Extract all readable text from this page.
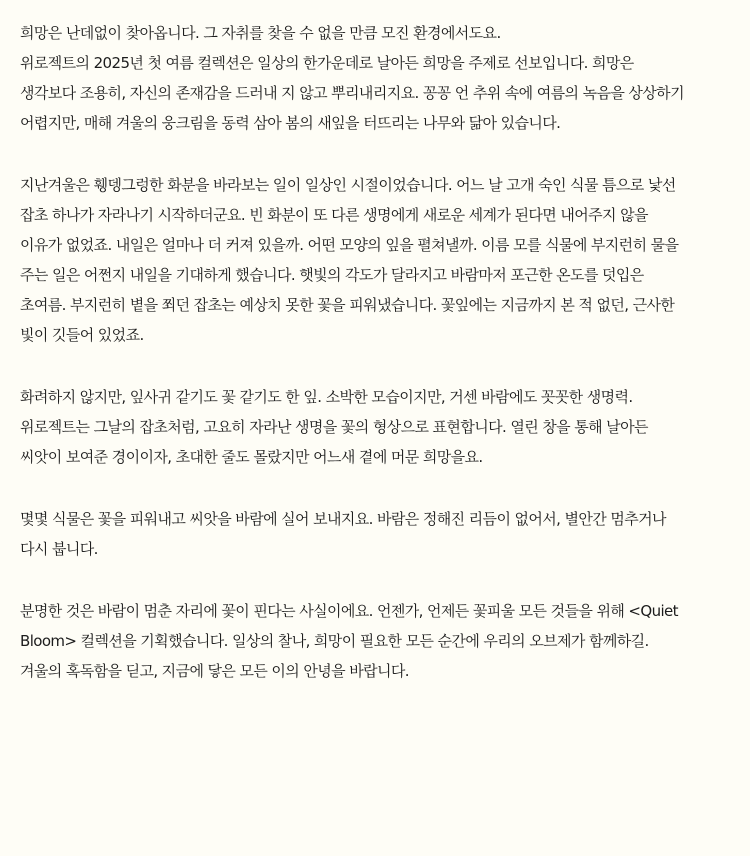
희망은 난데없이 찾아옵니다. 그 자취를 찾을 수 없을 만큼 모진 환경에서도요.
위로젝트의 2025년 첫 여름 컬렉션은 일상의 한가운데로 날아든 희망을 주제로 선보입니다. 희망은
생각보다 조용히, 자신의 존재감을 드러내 지 않고 뿌리내리지요. 꽁꽁 언 추위 속에 여름의 녹음을 상상하기
어렵지만, 매해 겨울의 웅크림을 동력 삼아 봄의 새잎을 터뜨리는 나무와 닮아 있습니다.
지난겨울은 휑뎅그렁한 화분을 바라보는 일이 일상인 시절이었습니다. 어느 날 고개 숙인 식물 틈으로 낯선
잡초 하나가 자라나기 시작하더군요. 빈 화분이 또 다른 생명에게 새로운 세계가 된다면 내어주지 않을
이유가 없었죠. 내일은 얼마나 더 커져 있을까. 어떤 모양의 잎을 펼쳐낼까. 이름 모를 식물에 부지런히 물을
주는 일은 어쩐지 내일을 기대하게 했습니다. 햇빛의 각도가 달라지고 바람마저 포근한 온도를 덧입은
초여름. 부지런히 볕을 쬐던 잡초는 예상치 못한 꽃을 피워냈습니다. 꽃잎에는 지금까지 본 적 없던, 근사한
빛이 깃들어 있었죠.
화려하지 않지만, 잎사귀 같기도 꽃 같기도 한 잎. 소박한 모습이지만, 거센 바람에도 꼿꼿한 생명력.
위로젝트는 그날의 잡초처럼, 고요히 자라난 생명을 꽃의 형상으로 표현합니다. 열린 창을 통해 날아든
씨앗이 보여준 경이이자, 초대한 줄도 몰랐지만 어느새 곁에 머문 희망을요.
몇몇 식물은 꽃을 피워내고 씨앗을 바람에 실어 보내지요. 바람은 정해진 리듬이 없어서, 별안간 멈추거나
다시 붑니다.
분명한 것은 바람이 멈춘 자리에 꽃이 핀다는 사실이에요. 언젠가, 언제든 꽃피울 모든 것들을 위해 <Quiet
Bloom> 컬렉션을 기획했습니다. 일상의 찰나, 희망이 필요한 모든 순간에 우리의 오브제가 함께하길.
겨울의 혹독함을 딛고, 지금에 닿은 모든 이의 안녕을 바랍니다.
